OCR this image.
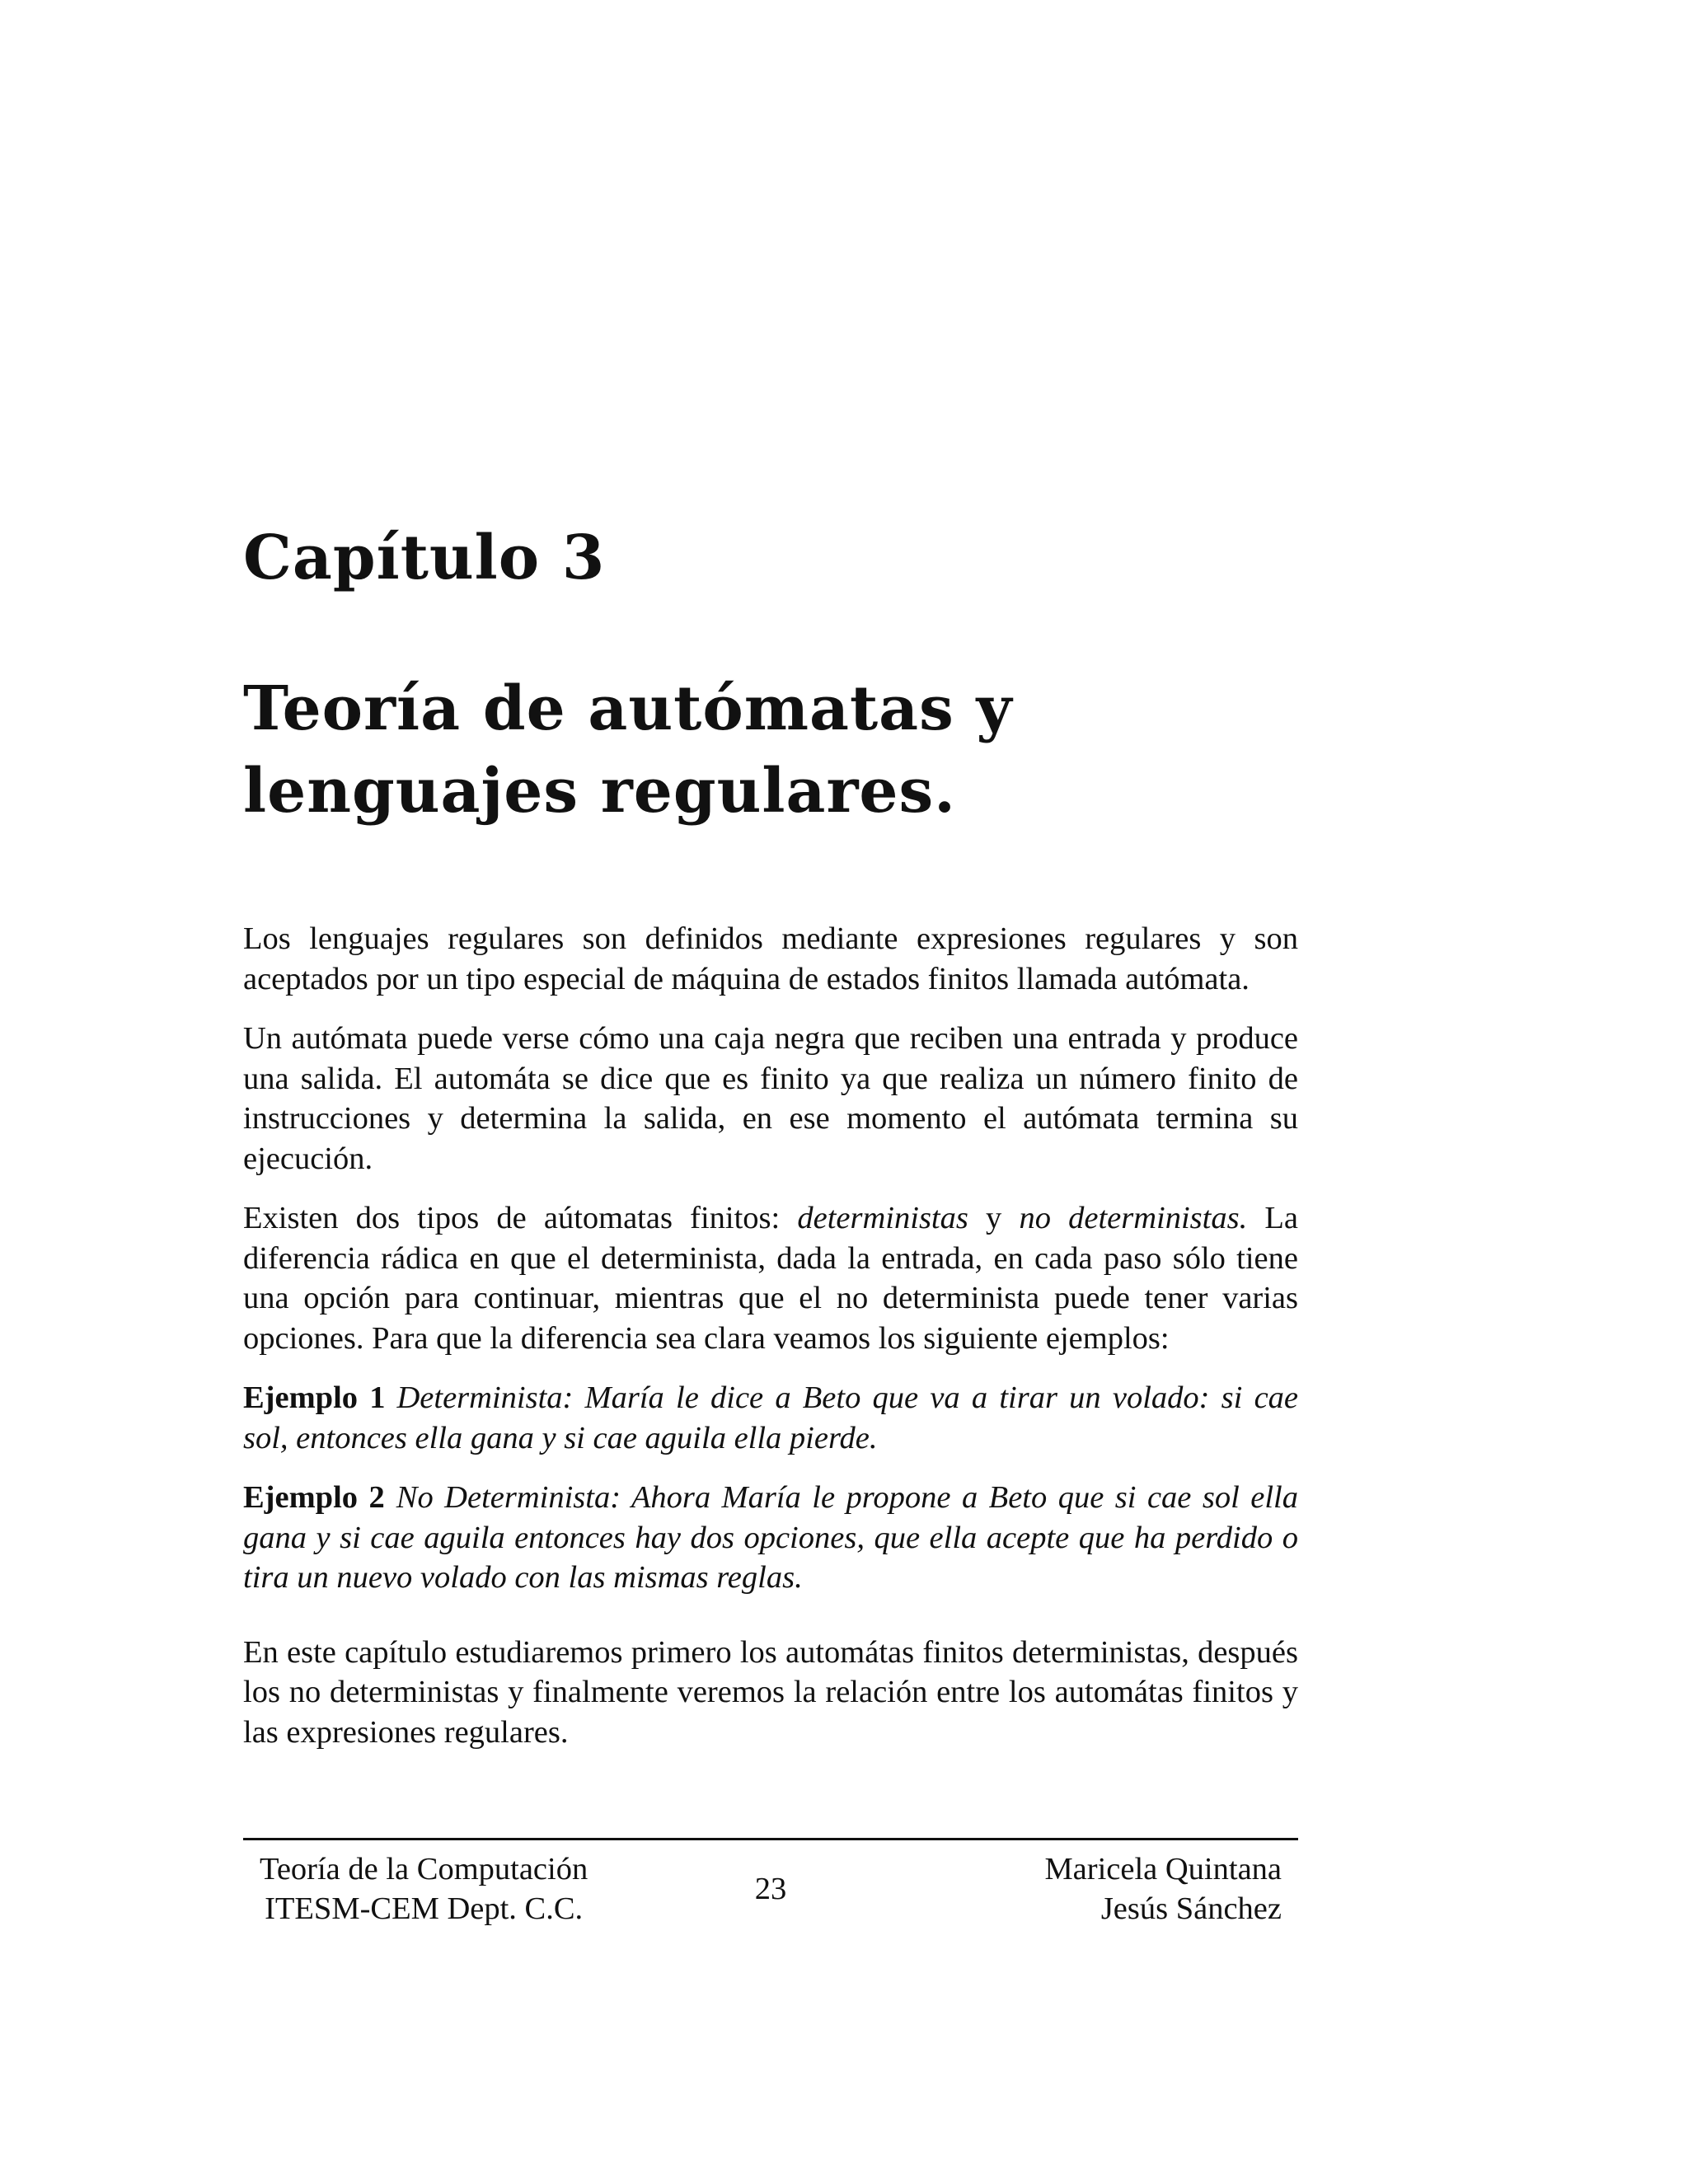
Capítulo 3
Teoría de autómatas y
lenguajes regulares.

Los lenguajes regulares son definidos mediante expresiones regulares y son aceptados por un tipo especial de máquina de estados finitos llamada autómata.

Un autómata puede verse cómo una caja negra que reciben una entrada y produce una salida. El automáta se dice que es finito ya que realiza un número finito de instrucciones y determina la salida, en ese momento el autómata termina su ejecución.

Existen dos tipos de aútomatas finitos: deterministas y no deterministas. La diferencia rádica en que el determinista, dada la entrada, en cada paso sólo tiene una opción para continuar, mientras que el no determinista puede tener varias opciones. Para que la diferencia sea clara veamos los siguiente ejemplos:

Ejemplo 1 Determinista: María le dice a Beto que va a tirar un volado: si cae sol, entonces ella gana y si cae aguila ella pierde.
Ejemplo 2 No Determinista: Ahora María le propone a Beto que si cae sol ella gana y si cae aguila entonces hay dos opciones, que ella acepte que ha perdido o tira un nuevo volado con las mismas reglas.

En este capítulo estudiaremos primero los automátas finitos deterministas, después los no deterministas y finalmente veremos la relación entre los automátas finitos y las expresiones regulares.

Teoría de la Computación
ITESM-CEM Dept. C.C.
23
Maricela Quintana
Jesús Sánchez
